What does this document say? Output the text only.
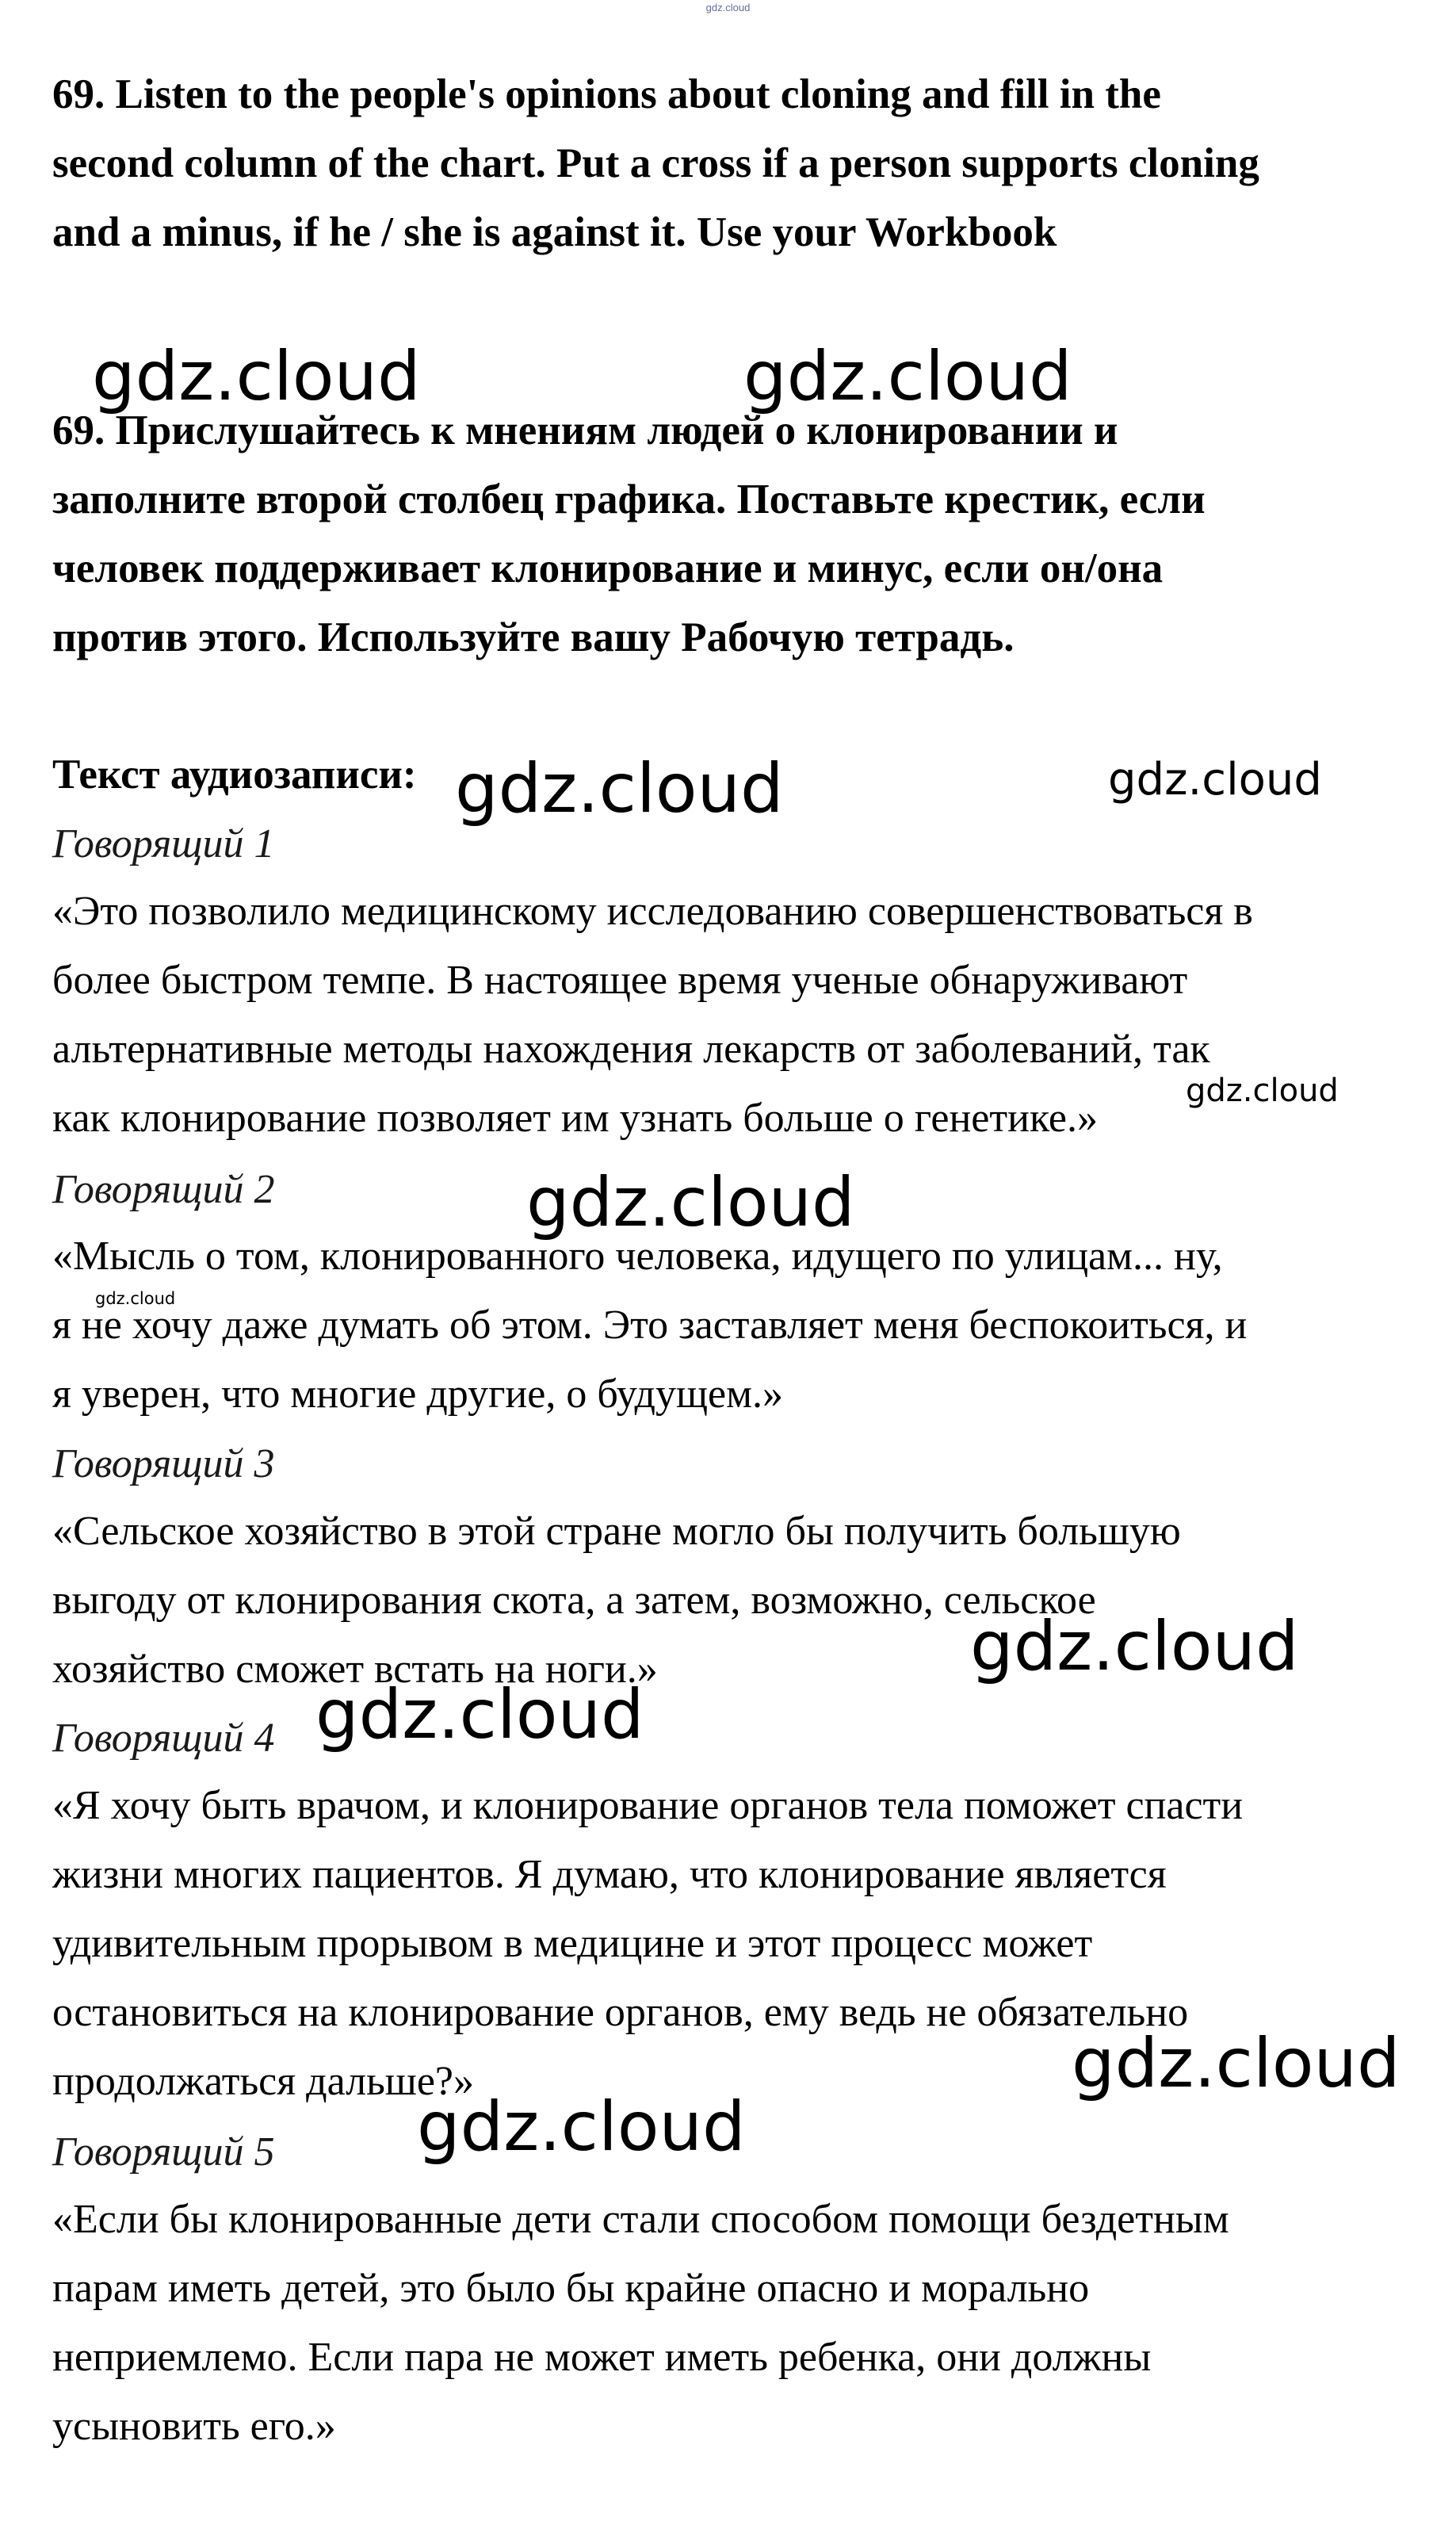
gdz.cloud
69. Listen to the people's opinions about cloning and fill in the
second column of the chart. Put a cross if a person supports cloning
and a minus, if he / she is against it. Use your Workbook
69. Прислушайтесь к мнениям людей о клонировании и
заполните второй столбец графика. Поставьте крестик, если
человек поддерживает клонирование и минус, если он/она
против этого. Используйте вашу Рабочую тетрадь.
Текст аудиозаписи:
Говорящий 1
«Это позволило медицинскому исследованию совершенствоваться в
более быстром темпе. В настоящее время ученые обнаруживают
альтернативные методы нахождения лекарств от заболеваний, так
как клонирование позволяет им узнать больше о генетике.»
Говорящий 2
«Мысль о том, клонированного человека, идущего по улицам... ну,
я не хочу даже думать об этом. Это заставляет меня беспокоиться, и
я уверен, что многие другие, о будущем.»
Говорящий 3
«Сельское хозяйство в этой стране могло бы получить большую
выгоду от клонирования скота, а затем, возможно, сельское
хозяйство сможет встать на ноги.»
Говорящий 4
«Я хочу быть врачом, и клонирование органов тела поможет спасти
жизни многих пациентов. Я думаю, что клонирование является
удивительным прорывом в медицине и этот процесс может
остановиться на клонирование органов, ему ведь не обязательно
продолжаться дальше?»
Говорящий 5
«Если бы клонированные дети стали способом помощи бездетным
парам иметь детей, это было бы крайне опасно и морально
неприемлемо. Если пара не может иметь ребенка, они должны
усыновить его.»
gdz.cloud	gdz.cloud
gdz.cloud	gdz.cloud
gdz.cloud
gdz.cloud
gdz.cloud
gdz.cloud
gdz.cloud
gdz.cloud
gdz.cloud
